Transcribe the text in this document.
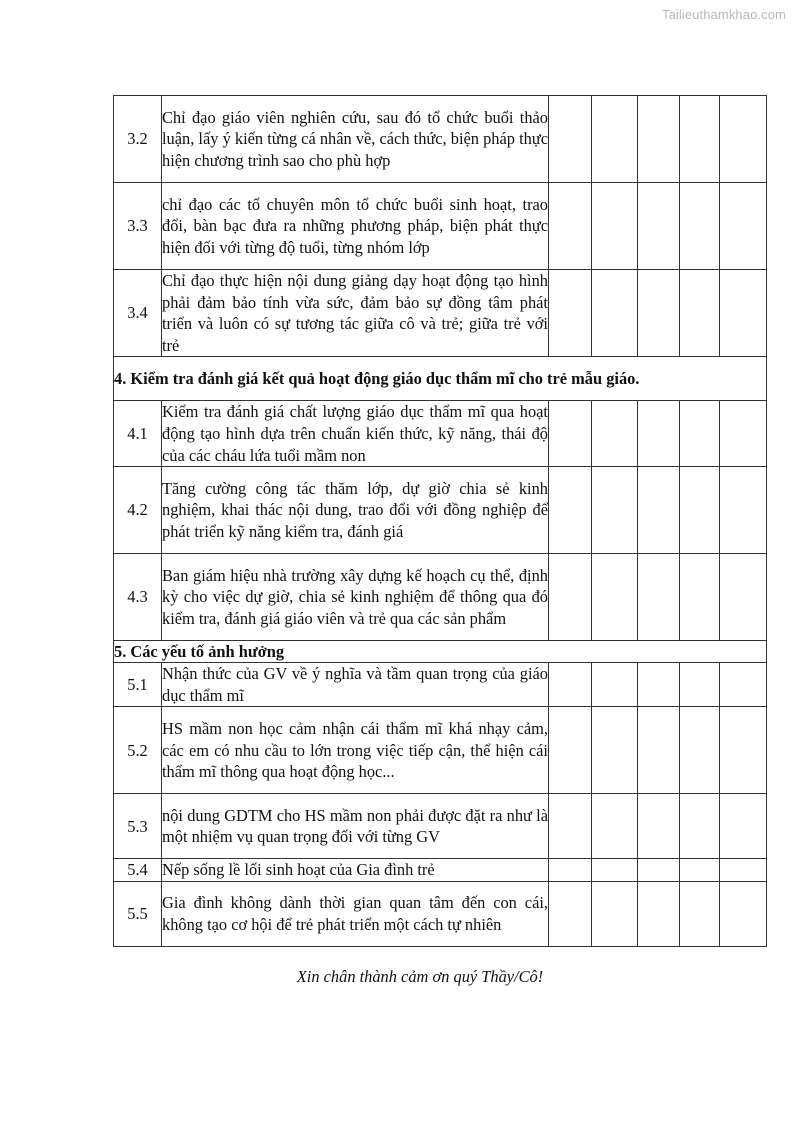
Tailieuthamkhao.com
3.2	Chỉ đạo giáo viên nghiên cứu, sau đó tổ chức buổi thảo luận, lấy ý kiến từng cá nhân về, cách thức, biện pháp thực hiện chương trình sao cho phù hợp					
3.3	chỉ đạo các tổ chuyên môn tổ chức buổi sinh hoạt, trao đổi, bàn bạc đưa ra những phương pháp, biện phát thực hiện đối với từng độ tuổi, từng nhóm lớp					
3.4	Chỉ đạo thực hiện nội dung giảng dạy hoạt động tạo hình phải đảm bảo tính vừa sức, đảm bảo sự đồng tâm phát triển và luôn có sự tương tác giữa cô và trẻ; giữa trẻ với trẻ					
4. Kiểm tra đánh giá kết quả hoạt động giáo dục thẩm mĩ cho trẻ mẫu giáo.						
4.1	Kiểm tra đánh giá chất lượng giáo dục thẩm mĩ qua hoạt động tạo hình dựa trên chuẩn kiến thức, kỹ năng, thái độ của các cháu lứa tuổi mầm non					
4.2	Tăng cường công tác thăm lớp, dự giờ chia sẻ kinh nghiệm, khai thác nội dung, trao đổi với đồng nghiệp để phát triển kỹ năng kiểm tra, đánh giá					
4.3	Ban giám hiệu nhà trường xây dựng kế hoạch cụ thể, định kỳ cho việc dự giờ, chia sẻ kinh nghiệm để thông qua đó kiểm tra, đánh giá giáo viên và trẻ qua các sản phẩm					
5. Các yếu tố ảnh hưởng						
5.1	Nhận thức của GV về ý nghĩa và tầm quan trọng của giáo dục thẩm mĩ					
5.2	HS mầm non học cảm nhận cái thẩm mĩ khá nhạy cảm, các em có nhu cầu to lớn trong việc tiếp cận, thể hiện cái thẩm mĩ thông qua hoạt động học...					
5.3	nội dung GDTM cho HS mầm non phải được đặt ra như là một nhiệm vụ quan trọng đối với từng GV					
5.4	Nếp sống lề lối sinh hoạt của Gia đình trẻ					
5.5	Gia đình không dành thời gian quan tâm đến con cái, không tạo cơ hội để trẻ phát triển một cách tự nhiên					
Xin chân thành cảm ơn quý Thầy/Cô!
